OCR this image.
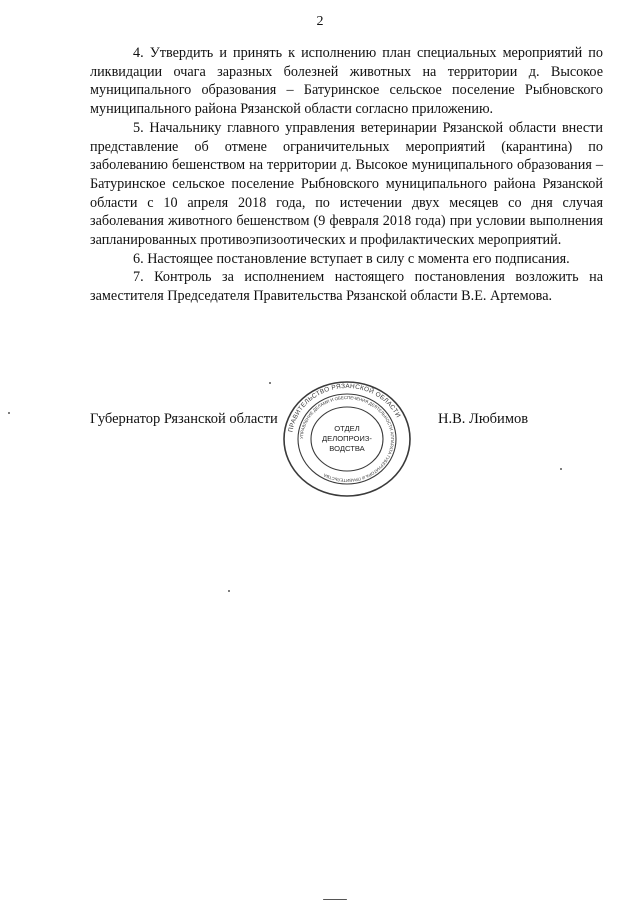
2

4. Утвердить и принять к исполнению план специальных мероприятий по ликвидации очага заразных болезней животных на территории д. Высокое муниципального образования – Батуринское сельское поселение Рыбновского муниципального района Рязанской области согласно приложению.

5. Начальнику главного управления ветеринарии Рязанской области внести представление об отмене ограничительных мероприятий (карантина) по заболеванию бешенством на территории д. Высокое муниципального образования – Батуринское сельское поселение Рыбновского муниципального района Рязанской области с 10 апреля 2018 года, по истечении двух месяцев со дня случая заболевания животного бешенством (9 февраля 2018 года) при условии выполнения запланированных противоэпизоотических и профилактических мероприятий.

6. Настоящее постановление вступает в силу с момента его подписания.

7. Контроль за исполнением настоящего постановления возложить на заместителя Председателя Правительства Рязанской области В.Е. Артемова.

Губернатор Рязанской области	Н.В. Любимов
ПРАВИТЕЛЬСТВО РЯЗАНСКОЙ ОБЛАСТИ
УПРАВЛЕНИЕ ДЕЛАМИ И ОБЕСПЕЧЕНИЯ ДЕЯТЕЛЬНОСТИ АППАРАТА ГУБЕРНАТОРА И ПРАВИТЕЛЬСТВА
ОТДЕЛ
ДЕЛОПРОИЗ-
ВОДСТВА
